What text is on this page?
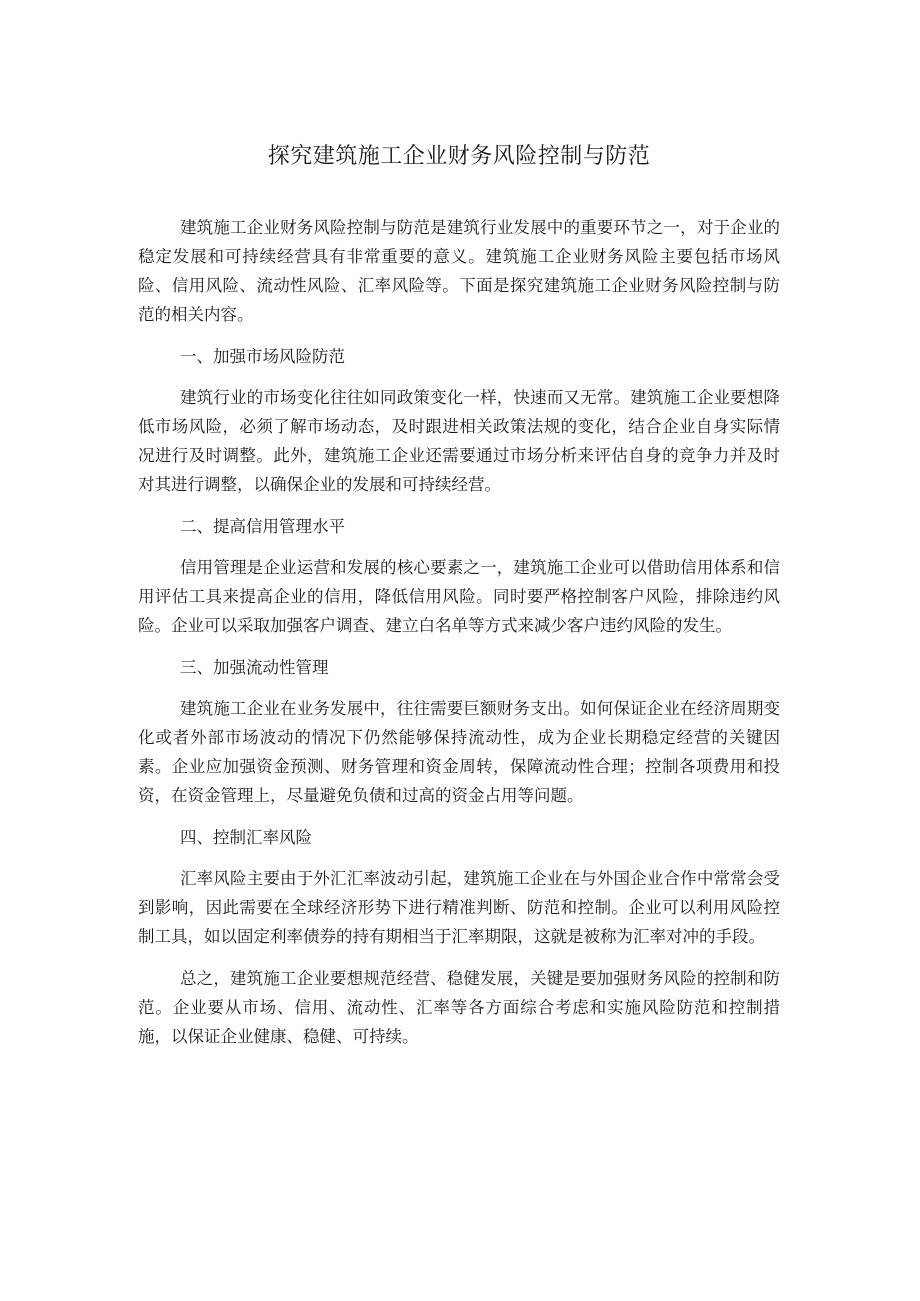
探究建筑施工企业财务风险控制与防范

建筑施工企业财务风险控制与防范是建筑行业发展中的重要环节之一，对于企业的稳定发展和可持续经营具有非常重要的意义。建筑施工企业财务风险主要包括市场风险、信用风险、流动性风险、汇率风险等。下面是探究建筑施工企业财务风险控制与防范的相关内容。

一、加强市场风险防范

建筑行业的市场变化往往如同政策变化一样，快速而又无常。建筑施工企业要想降低市场风险，必须了解市场动态，及时跟进相关政策法规的变化，结合企业自身实际情况进行及时调整。此外，建筑施工企业还需要通过市场分析来评估自身的竞争力并及时对其进行调整，以确保企业的发展和可持续经营。

二、提高信用管理水平

信用管理是企业运营和发展的核心要素之一，建筑施工企业可以借助信用体系和信用评估工具来提高企业的信用，降低信用风险。同时要严格控制客户风险，排除违约风险。企业可以采取加强客户调查、建立白名单等方式来减少客户违约风险的发生。

三、加强流动性管理

建筑施工企业在业务发展中，往往需要巨额财务支出。如何保证企业在经济周期变化或者外部市场波动的情况下仍然能够保持流动性，成为企业长期稳定经营的关键因素。企业应加强资金预测、财务管理和资金周转，保障流动性合理；控制各项费用和投资，在资金管理上，尽量避免负债和过高的资金占用等问题。

四、控制汇率风险

汇率风险主要由于外汇汇率波动引起，建筑施工企业在与外国企业合作中常常会受到影响，因此需要在全球经济形势下进行精准判断、防范和控制。企业可以利用风险控制工具，如以固定利率债券的持有期相当于汇率期限，这就是被称为汇率对冲的手段。

总之，建筑施工企业要想规范经营、稳健发展，关键是要加强财务风险的控制和防范。企业要从市场、信用、流动性、汇率等各方面综合考虑和实施风险防范和控制措施，以保证企业健康、稳健、可持续。
